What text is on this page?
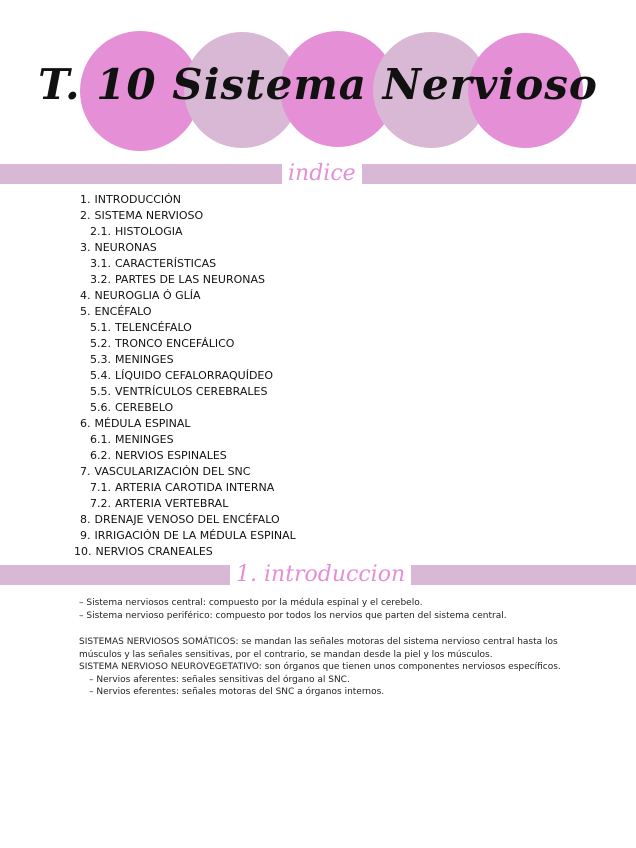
T. 10 Sistema Nervioso
indice
1. INTRODUCCIÓN
2. SISTEMA NERVIOSO
2.1. HISTOLOGIA
3. NEURONAS
3.1. CARACTERÍSTICAS
3.2. PARTES DE LAS NEURONAS
4. NEUROGLIA Ó GLÍA
5. ENCÉFALO
5.1. TELENCÉFALO
5.2. TRONCO ENCEFÁLICO
5.3. MENINGES
5.4. LÍQUIDO CEFALORRAQUÍDEO
5.5. VENTRÍCULOS CEREBRALES
5.6. CEREBELO
6. MÉDULA ESPINAL
6.1. MENINGES
6.2. NERVIOS ESPINALES
7. VASCULARIZACIÓN DEL SNC
7.1. ARTERIA CAROTIDA INTERNA
7.2. ARTERIA VERTEBRAL
8. DRENAJE VENOSO DEL ENCÉFALO
9. IRRIGACIÓN DE LA MÉDULA ESPINAL
10. NERVIOS CRANEALES
1. introduccion

– Sistema nerviosos central: compuesto por la médula espinal y el cerebelo.

– Sistema nervioso periférico: compuesto por todos los nervios que parten del sistema central.

SISTEMAS NERVIOSOS SOMÁTICOS: se mandan las señales motoras del sistema nervioso central hasta los músculos y las señales sensitivas, por el contrario, se mandan desde la piel y los músculos.

SISTEMA NERVIOSO NEUROVEGETATIVO: son órganos que tienen unos componentes nerviosos específicos.

– Nervios aferentes: señales sensitivas del órgano al SNC.

– Nervios eferentes: señales motoras del SNC a órganos internos.
